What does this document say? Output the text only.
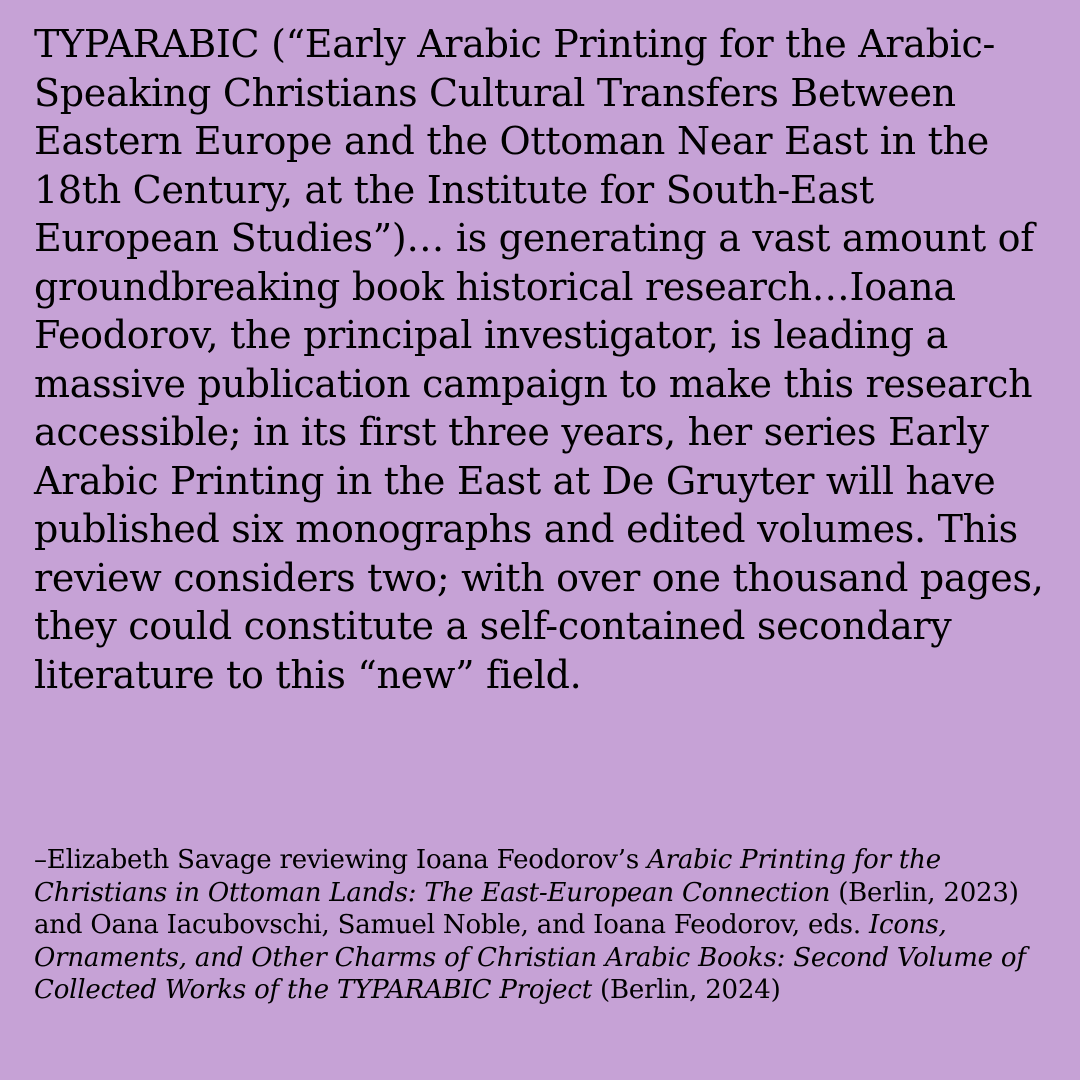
TYPARABIC (“Early Arabic Printing for the Arabic-Speaking Christians Cultural Transfers Between Eastern Europe and the Ottoman Near East in the 18th Century, at the Institute for South-East European Studies”)… is generating a vast amount of groundbreaking book historical research…Ioana Feodorov, the principal investigator, is leading a massive publication campaign to make this research accessible; in its first three years, her series Early Arabic Printing in the East at De Gruyter will have published six monographs and edited volumes. This review considers two; with over one thousand pages, they could constitute a self-contained secondary literature to this “new” field.

–Elizabeth Savage reviewing Ioana Feodorov’s Arabic Printing for the Christians in Ottoman Lands: The East-European Connection (Berlin, 2023) and Oana Iacubovschi, Samuel Noble, and Ioana Feodorov, eds. Icons, Ornaments, and Other Charms of Christian Arabic Books: Second Volume of Collected Works of the TYPARABIC Project (Berlin, 2024)
